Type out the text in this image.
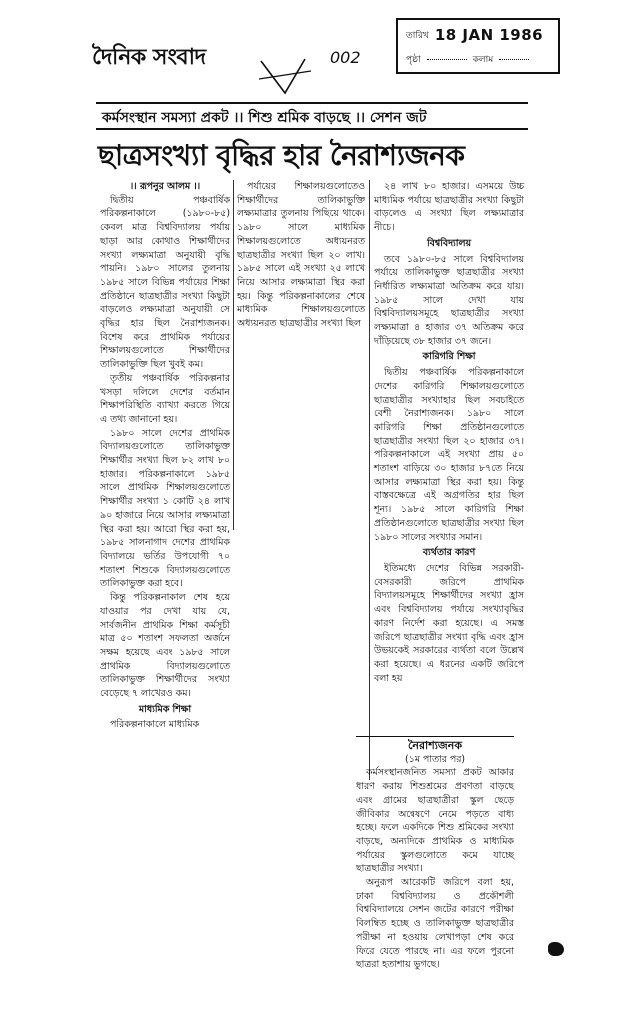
দৈনিক সংবাদ	002
তারিখ 18 JAN 1986
পৃষ্ঠা	কলাম
কর্মসংস্থান সমস্যা প্রকট ।। শিশু শ্রমিক বাড়ছে ।। সেশন জট
ছাত্রসংখ্যা বৃদ্ধির হার নৈরাশ্যজনক

।। রূপনুর আলম ।।

দ্বিতীয় পঞ্চবার্ষিক পরিকল্পনাকালে (১৯৮০-৮৫) কেবল মাত্র বিশ্ববিদ্যালয় পর্যায় ছাড়া আর কোথাও শিক্ষার্থীদের সংখ্যা লক্ষ্যমাত্রা অনুযায়ী বৃদ্ধি পায়নি। ১৯৮০ সালের তুলনায় ১৯৮৫ সালে বিভিন্ন পর্যায়ের শিক্ষা প্রতিষ্ঠানে ছাত্রছাত্রীর সংখ্যা কিছুটা বাড়লেও লক্ষ্যমাত্রা অনুযায়ী সে বৃদ্ধির হার ছিল নৈরাশ্যজনক। বিশেষ করে প্রাথমিক পর্যায়ের শিক্ষালয়গুলোতে শিক্ষার্থীদের তালিকাভুক্তি ছিল খুবই কম।

তৃতীয় পঞ্চবার্ষিক পরিকল্পনার খসড়া দলিলে দেশের বর্তমান শিক্ষাপরিস্থিতি ব্যাখ্যা করতে গিয়ে এ তথ্য জানানো হয়।

১৯৮০ সালে দেশের প্রাথমিক বিদ্যালয়গুলোতে তালিকাভুক্ত শিক্ষার্থীর সংখ্যা ছিল ৮২ লাখ ৮০ হাজার। পরিকল্পনাকালে ১৯৮৫ সালে প্রাথমিক শিক্ষালয়গুলোতে শিক্ষার্থীর সংখ্যা ১ কোটি ২৪ লাখ ৯০ হাজারে নিয়ে আসার লক্ষ্যমাত্রা স্থির করা হয়। আরো স্থির করা হয়, ১৯৮৫ সালনাগাদ দেশের প্রাথমিক বিদ্যালয়ে ভর্তির উপযোগী ৭০ শতাংশ শিশুকে বিদ্যালয়গুলোতে তালিকাভুক্ত করা হবে।

কিন্তু পরিকল্পনাকাল শেষ হয়ে যাওয়ার পর দেখা যায় যে, সার্বজনীন প্রাথমিক শিক্ষা কর্মসূচী মাত্র ৫০ শতাংশ সফলতা অর্জনে সক্ষম হয়েছে এবং ১৯৮৫ সালে প্রাথমিক বিদ্যালয়গুলোতে তালিকাভুক্ত শিক্ষার্থীদের সংখ্যা বেড়েছে ৭ লাখেরও কম।

মাধ্যমিক শিক্ষা

পরিকল্পনাকালে মাধ্যমিক

পর্যায়ের শিক্ষালয়গুলোতেও শিক্ষার্থীদের তালিকাভুক্তি লক্ষ্যমাত্রার তুলনায় পিছিয়ে থাকে। ১৯৮০ সালে মাধ্যমিক শিক্ষালয়গুলোতে অধ্যয়নরত ছাত্রছাত্রীর সংখ্যা ছিল ২০ লাখ। ১৯৮৫ সালে এই সংখ্যা ২৫ লাখে নিয়ে আসার লক্ষ্যমাত্রা স্থির করা হয়। কিন্তু পরিকল্পনাকালের শেষে মাধ্যমিক শিক্ষালয়গুলোতে অধ্যয়নরত ছাত্রছাত্রীর সংখ্যা ছিল

২৪ লাখ ৮০ হাজার। এসময়ে উচ্চ মাধ্যমিক পর্যায়ে ছাত্রছাত্রীর সংখ্যা কিছুটা বাড়লেও এ সংখ্যা ছিল লক্ষ্যমাত্রার নীচে।

বিশ্ববিদ্যালয়

তবে ১৯৮০-৮৫ সালে বিশ্ববিদ্যালয় পর্যায়ে তালিকাভুক্ত ছাত্রছাত্রীর সংখ্যা নির্ধারিত লক্ষ্যমাত্রা অতিক্রম করে যায়। ১৯৮৫ সালে দেখা যায় বিশ্ববিদ্যালয়সমূহে ছাত্রছাত্রীর সংখ্যা লক্ষ্যমাত্রা ৪ হাজার ৩৭ অতিক্রম করে দাঁড়িয়েছে ৩৮ হাজার ৩৭ জনে।

কারিগরি শিক্ষা

দ্বিতীয় পঞ্চবার্ষিক পরিকল্পনাকালে দেশের কারিগরি শিক্ষালয়গুলোতে ছাত্রছাত্রীর সংখ্যাহার ছিল সবচাইতে বেশী নৈরাশ্যজনক। ১৯৮০ সালে কারিগরি শিক্ষা প্রতিষ্ঠানগুলোতে ছাত্রছাত্রীর সংখ্যা ছিল ২০ হাজার ৩৭। পরিকল্পনাকালে এই সংখ্যা প্রায় ৫০ শতাংশ বাড়িয়ে ৩০ হাজার ৮৭তে নিয়ে আসার লক্ষ্যমাত্রা স্থির করা হয়। কিন্তু বাস্তবক্ষেত্রে এই অগ্রগতির হার ছিল শূন্য। ১৯৮৫ সালে কারিগরি শিক্ষা প্রতিষ্ঠানগুলোতে ছাত্রছাত্রীর সংখ্যা ছিল ১৯৮০ সালের সংখ্যার সমান।

ব্যর্থতার কারণ

ইতিমধ্যে দেশের বিভিন্ন সরকারী-বেসরকারী জরিপে প্রাথমিক বিদ্যালয়সমূহে শিক্ষার্থীদের সংখ্যা হ্রাস এবং বিশ্ববিদ্যালয় পর্যায়ে সংখ্যাবৃদ্ধির কারণ নির্দেশ করা হয়েছে। এ সমস্ত জরিপে ছাত্রছাত্রীর সংখ্যা বৃদ্ধি এবং হ্রাস উভয়কেই সরকারের ব্যর্থতা বলে উল্লেখ করা হয়েছে। এ ধরনের একটি জরিপে বলা হয়

নৈরাশ্যজনক
(১ম পাতার পর)

কর্মসংস্থানজনিত সমস্যা প্রকট আকার ধারণ করায় শিশুশ্রমের প্রবণতা বাড়ছে এবং গ্রামের ছাত্রছাত্রীরা স্কুল ছেড়ে জীবিকার অন্বেষণে নেমে পড়তে বাধ্য হচ্ছে। ফলে একদিকে শিশু শ্রমিকের সংখ্যা বাড়ছে, অন্যদিকে প্রাথমিক ও মাধ্যমিক পর্যায়ের স্কুলগুলোতে কমে যাচ্ছে ছাত্রছাত্রীর সংখ্যা।

অনুরূপ আরেকটি জরিপে বলা হয়, ঢাকা বিশ্ববিদ্যালয় ও প্রকৌশলী বিশ্ববিদ্যালয়ে সেশন জটের কারণে পরীক্ষা বিলম্বিত হচ্ছে ও তালিকাভুক্ত ছাত্রছাত্রীর পরীক্ষা না হওয়ায় লেখাপড়া শেষ করে ফিরে যেতে পারছে না। এর ফলে পুরনো ছাত্ররা হতাশায় ভুগছে।
